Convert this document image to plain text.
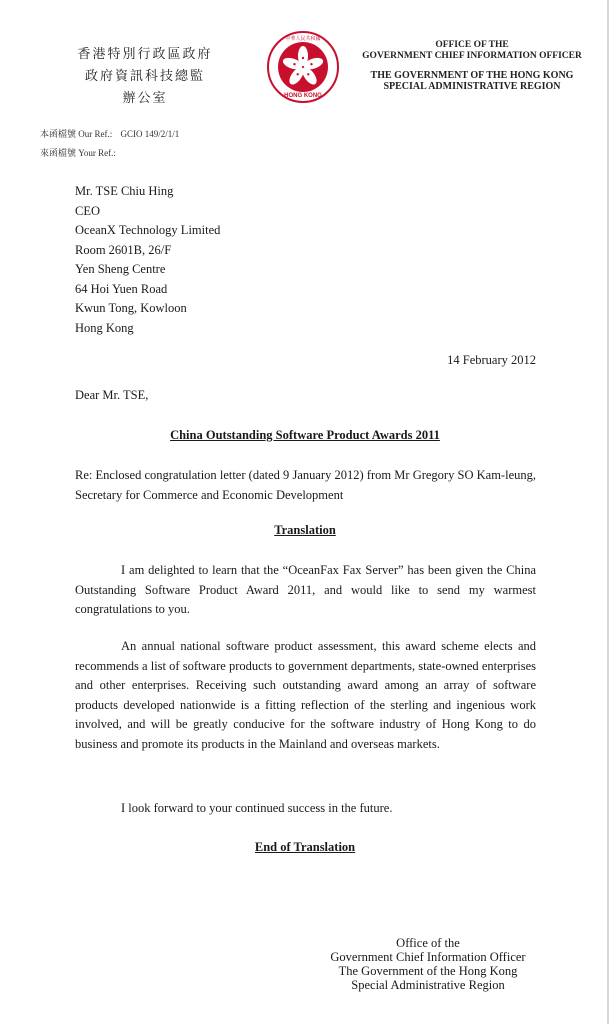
香港特別行政區政府
政府資訊科技總監
辦公室	HONG KONG
中華人民共和國
OFFICE OF THE
GOVERNMENT CHIEF INFORMATION OFFICER
THE GOVERNMENT OF THE HONG KONG
SPECIAL ADMINISTRATIVE REGION
本函檔號 Our Ref.: GCIO 149/2/1/1
來函檔號 Your Ref.:
Mr. TSE Chiu Hing
CEO
OceanX Technology Limited
Room 2601B, 26/F
Yen Sheng Centre
64 Hoi Yuen Road
Kwun Tong, Kowloon
Hong Kong
14 February 2012
Dear Mr. TSE,
China Outstanding Software Product Awards 2011
Re: Enclosed congratulation letter (dated 9 January 2012) from Mr Gregory SO Kam-leung, Secretary for Commerce and Economic Development
Translation
I am delighted to learn that the “OceanFax Fax Server” has been given the China Outstanding Software Product Award 2011, and would like to send my warmest congratulations to you.
An annual national software product assessment, this award scheme elects and recommends a list of software products to government departments, state-owned enterprises and other enterprises. Receiving such outstanding award among an array of software products developed nationwide is a fitting reflection of the sterling and ingenious work involved, and will be greatly conducive for the software industry of Hong Kong to do business and promote its products in the Mainland and overseas markets.
I look forward to your continued success in the future.
End of Translation
Office of the
Government Chief Information Officer
The Government of the Hong Kong
Special Administrative Region
